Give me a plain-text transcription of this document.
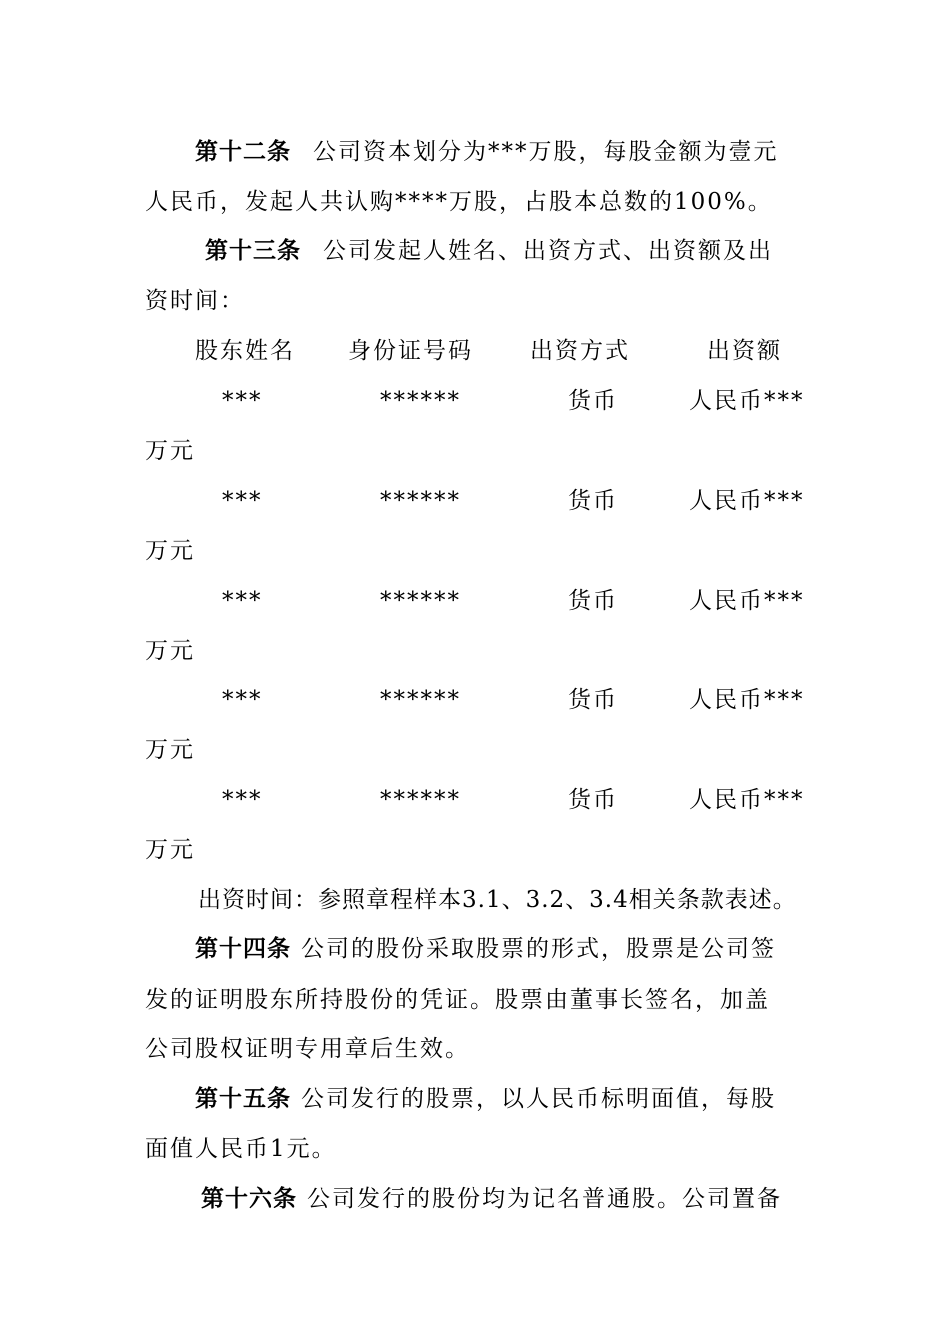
第十二条 公司资本划分为***万股，每股金额为壹元
人民币，发起人共认购****万股，占股本总数的100%。
第十三条 公司发起人姓名、出资方式、出资额及出
资时间：
股东姓名 身份证号码 出资方式	出资额
***	******	货币	人民币***
万元
***	******	货币	人民币***
万元
***	******	货币	人民币***
万元
***	******	货币	人民币***
万元
***	******	货币	人民币***
万元
出资时间：参照章程样本3.1、3.2、3.4相关条款表述。
第十四条 公司的股份采取股票的形式，股票是公司签
发的证明股东所持股份的凭证。股票由董事长签名，加盖
公司股权证明专用章后生效。
第十五条 公司发行的股票，以人民币标明面值，每股
面值人民币1元。
第十六条 公司发行的股份均为记名普通股。公司置备
